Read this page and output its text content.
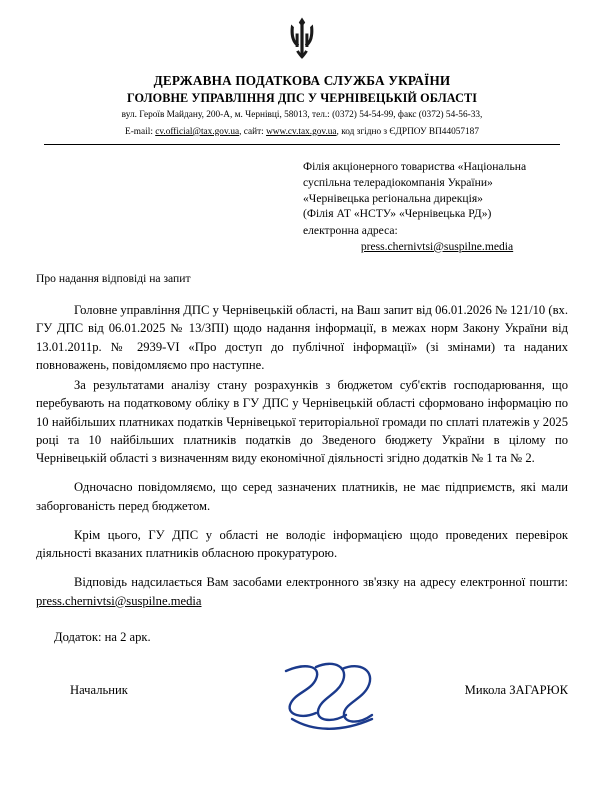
ДЕРЖАВНА ПОДАТКОВА СЛУЖБА УКРАЇНИ
ГОЛОВНЕ УПРАВЛІННЯ ДПС У ЧЕРНІВЕЦЬКІЙ ОБЛАСТІ
вул. Героїв Майдану, 200-А, м. Чернівці, 58013, тел.: (0372) 54-54-99, факс (0372) 54-56-33,
E-mail: cv.official@tax.gov.ua, сайт: www.cv.tax.gov.ua, код згідно з ЄДРПОУ ВП44057187
Філія акціонерного товариства «Національна
суспільна телерадіокомпанія України»
«Чернівецька регіональна дирекція»
(Філія АТ «НСТУ» «Чернівецька РД»)
електронна адреса:
press.chernivtsi@suspilne.media
Про надання відповіді на запит

Головне управління ДПС у Чернівецькій області, на Ваш запит від 06.01.2026 № 121/10 (вх. ГУ ДПС від 06.01.2025 № 13/ЗПІ) щодо надання інформації, в межах норм Закону України від 13.01.2011р. № 2939-VI «Про доступ до публічної інформації» (зі змінами) та наданих повноважень, повідомляємо про наступне.

За результатами аналізу стану розрахунків з бюджетом суб'єктів господарювання, що перебувають на податковому обліку в ГУ ДПС у Чернівецькій області сформовано інформацію по 10 найбільших платниках податків Чернівецької територіальної громади по сплаті платежів у 2025 році та 10 найбільших платників податків до Зведеного бюджету України в цілому по Чернівецькій області з визначенням виду економічної діяльності згідно додатків № 1 та № 2.

Одночасно повідомляємо, що серед зазначених платників, не має підприємств, які мали заборгованість перед бюджетом.

Крім цього, ГУ ДПС у області не володіє інформацією щодо проведених перевірок діяльності вказаних платників обласною прокуратурою.

Відповідь надсилається Вам засобами електронного зв'язку на адресу електронної пошти: press.chernivtsi@suspilne.media

Додаток: на 2 арк.
Начальник	Микола ЗАГАРЮК
